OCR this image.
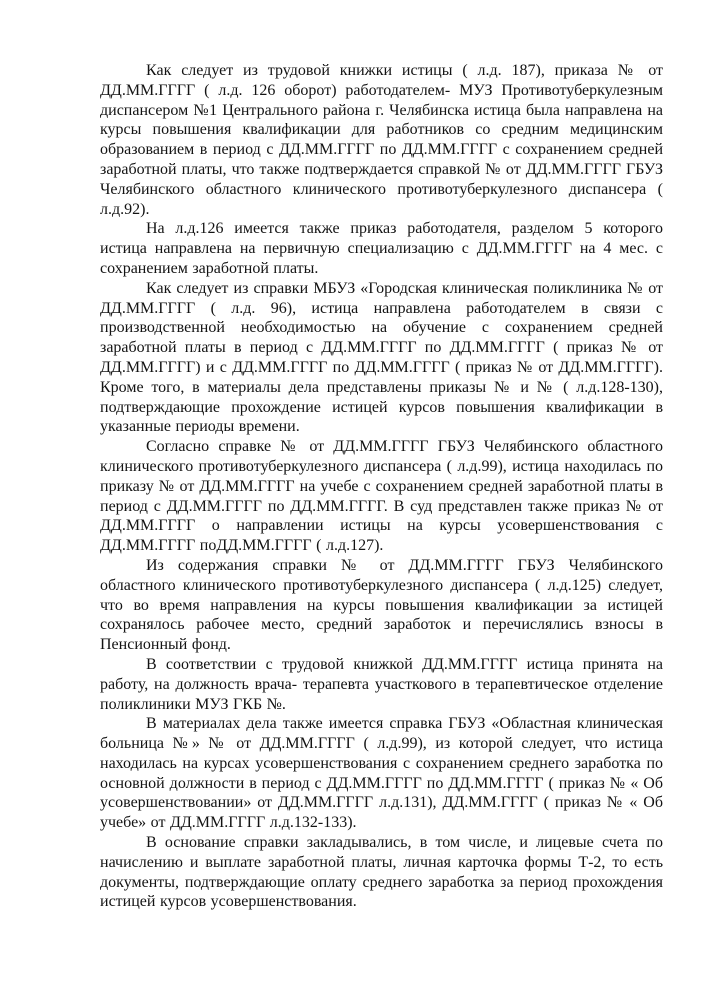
Как следует из трудовой книжки истицы ( л.д. 187), приказа № от ДД.ММ.ГГГГ ( л.д. 126 оборот) работодателем- МУЗ Противотуберкулезным диспансером №1 Центрального района г. Челябинска истица была направлена на курсы повышения квалификации для работников со средним медицинским образованием в период с ДД.ММ.ГГГГ по ДД.ММ.ГГГГ с сохранением средней заработной платы, что также подтверждается справкой № от ДД.ММ.ГГГГ ГБУЗ Челябинского областного клинического противотуберкулезного диспансера ( л.д.92).

На л.д.126 имеется также приказ работодателя, разделом 5 которого истица направлена на первичную специализацию с ДД.ММ.ГГГГ на 4 мес. с сохранением заработной платы.

Как следует из справки МБУЗ «Городская клиническая поликлиника № от ДД.ММ.ГГГГ ( л.д. 96), истица направлена работодателем в связи с производственной необходимостью на обучение с сохранением средней заработной платы в период с ДД.ММ.ГГГГ по ДД.ММ.ГГГГ ( приказ № от ДД.ММ.ГГГГ) и с ДД.ММ.ГГГГ по ДД.ММ.ГГГГ ( приказ № от ДД.ММ.ГГГГ). Кроме того, в материалы дела представлены приказы № и № ( л.д.128-130), подтверждающие прохождение истицей курсов повышения квалификации в указанные периоды времени.

Согласно справке № от ДД.ММ.ГГГГ ГБУЗ Челябинского областного клинического противотуберкулезного диспансера ( л.д.99), истица находилась по приказу № от ДД.ММ.ГГГГ на учебе с сохранением средней заработной платы в период с ДД.ММ.ГГГГ по ДД.ММ.ГГГГ. В суд представлен также приказ № от ДД.ММ.ГГГГ о направлении истицы на курсы усовершенствования с ДД.ММ.ГГГГ поДД.ММ.ГГГГ ( л.д.127).

Из содержания справки № от ДД.ММ.ГГГГ ГБУЗ Челябинского областного клинического противотуберкулезного диспансера ( л.д.125) следует, что во время направления на курсы повышения квалификации за истицей сохранялось рабочее место, средний заработок и перечислялись взносы в Пенсионный фонд.

В соответствии с трудовой книжкой ДД.ММ.ГГГГ истица принята на работу, на должность врача- терапевта участкового в терапевтическое отделение поликлиники МУЗ ГКБ №.

В материалах дела также имеется справка ГБУЗ «Областная клиническая больница №» № от ДД.ММ.ГГГГ ( л.д.99), из которой следует, что истица находилась на курсах усовершенствования с сохранением среднего заработка по основной должности в период с ДД.ММ.ГГГГ по ДД.ММ.ГГГГ ( приказ № « Об усовершенствовании» от ДД.ММ.ГГГГ л.д.131), ДД.ММ.ГГГГ ( приказ № « Об учебе» от ДД.ММ.ГГГГ л.д.132-133).

В основание справки закладывались, в том числе, и лицевые счета по начислению и выплате заработной платы, личная карточка формы Т-2, то есть документы, подтверждающие оплату среднего заработка за период прохождения истицей курсов усовершенствования.
